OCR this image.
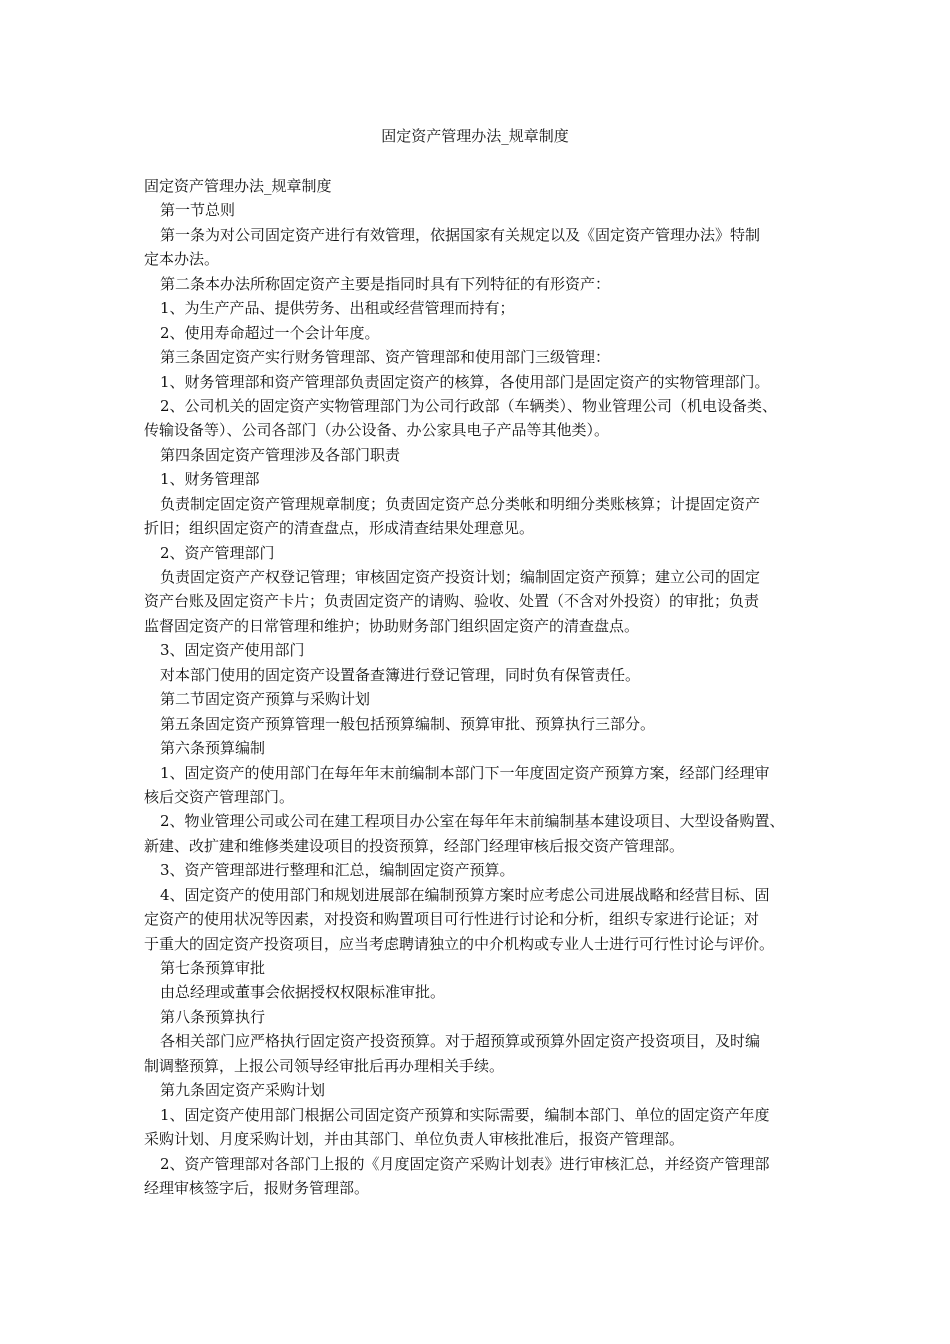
固定资产管理办法_规章制度
固定资产管理办法_规章制度
第一节总则
第一条为对公司固定资产进行有效管理，依据国家有关规定以及《固定资产管理办法》特制
定本办法。
第二条本办法所称固定资产主要是指同时具有下列特征的有形资产：
1、为生产产品、提供劳务、出租或经营管理而持有；
2、使用寿命超过一个会计年度。
第三条固定资产实行财务管理部、资产管理部和使用部门三级管理：
1、财务管理部和资产管理部负责固定资产的核算，各使用部门是固定资产的实物管理部门。
2、公司机关的固定资产实物管理部门为公司行政部（车辆类）、物业管理公司（机电设备类、
传输设备等）、公司各部门（办公设备、办公家具电子产品等其他类）。
第四条固定资产管理涉及各部门职责
1、财务管理部
负责制定固定资产管理规章制度；负责固定资产总分类帐和明细分类账核算；计提固定资产
折旧；组织固定资产的清查盘点，形成清查结果处理意见。
2、资产管理部门
负责固定资产产权登记管理；审核固定资产投资计划；编制固定资产预算；建立公司的固定
资产台账及固定资产卡片；负责固定资产的请购、验收、处置（不含对外投资）的审批；负责
监督固定资产的日常管理和维护；协助财务部门组织固定资产的清查盘点。
3、固定资产使用部门
对本部门使用的固定资产设置备查簿进行登记管理，同时负有保管责任。
第二节固定资产预算与采购计划
第五条固定资产预算管理一般包括预算编制、预算审批、预算执行三部分。
第六条预算编制
1、固定资产的使用部门在每年年末前编制本部门下一年度固定资产预算方案，经部门经理审
核后交资产管理部门。
2、物业管理公司或公司在建工程项目办公室在每年年末前编制基本建设项目、大型设备购置、
新建、改扩建和维修类建设项目的投资预算，经部门经理审核后报交资产管理部。
3、资产管理部进行整理和汇总，编制固定资产预算。
4、固定资产的使用部门和规划进展部在编制预算方案时应考虑公司进展战略和经营目标、固
定资产的使用状况等因素，对投资和购置项目可行性进行讨论和分析，组织专家进行论证；对
于重大的固定资产投资项目，应当考虑聘请独立的中介机构或专业人士进行可行性讨论与评价。
第七条预算审批
由总经理或董事会依据授权权限标准审批。
第八条预算执行
各相关部门应严格执行固定资产投资预算。对于超预算或预算外固定资产投资项目，及时编
制调整预算，上报公司领导经审批后再办理相关手续。
第九条固定资产采购计划
1、固定资产使用部门根据公司固定资产预算和实际需要，编制本部门、单位的固定资产年度
采购计划、月度采购计划，并由其部门、单位负责人审核批准后，报资产管理部。
2、资产管理部对各部门上报的《月度固定资产采购计划表》进行审核汇总，并经资产管理部
经理审核签字后，报财务管理部。
